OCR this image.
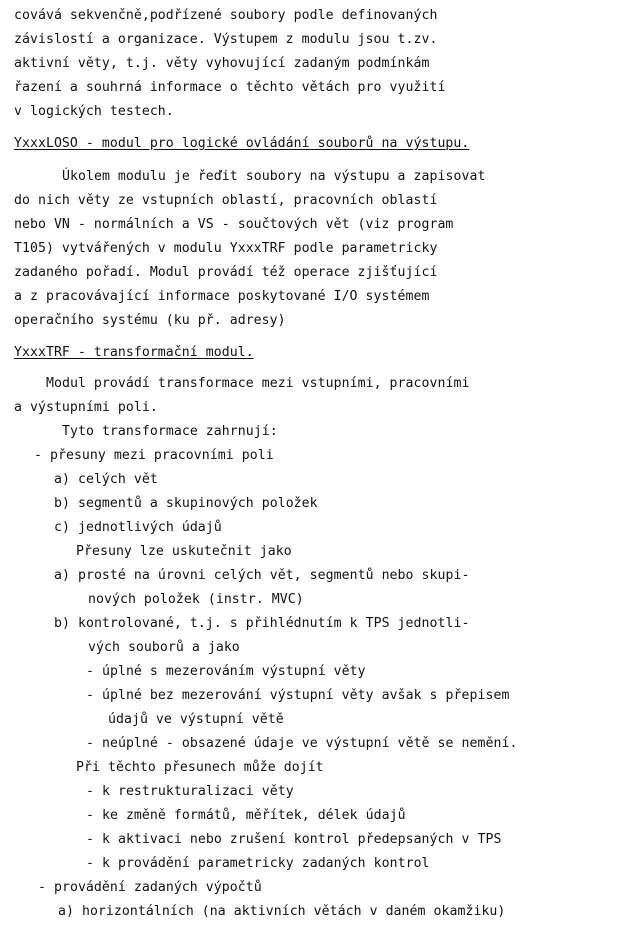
covává sekvenčně,podřízené soubory podle definovaných
závislostí a organizace. Výstupem z modulu jsou t.zv.
aktivní věty, t.j. věty vyhovující zadaným podmínkám
řazení a souhrná informace o těchto větách pro využití
v logických testech.
YxxxLOSO - modul pro logické ovládání souborů na výstupu.
Úkolem modulu je řeďit soubory na výstupu a zapisovat
do nich věty ze vstupních oblastí, pracovních oblastí
nebo VN - normálních a VS - součtových vět (viz program
T105) vytvářených v modulu YxxxTRF podle parametricky
zadaného pořadí. Modul provádí též operace zjišťující
a z pracovávající informace poskytované I/O systémem
operačního systému (ku př. adresy)
YxxxTRF - transformační modul.
Modul provádí transformace mezi vstupními, pracovními
a výstupními poli.
Tyto transformace zahrnují:
- přesuny mezi pracovními poli
a) celých vět
b) segmentů a skupinových položek
c) jednotlivých údajů
Přesuny lze uskutečnit jako
a) prosté na úrovni celých vět, segmentů nebo skupi-
nových položek (instr. MVC)
b) kontrolované, t.j. s přihlédnutím k TPS jednotli-
vých souborů a jako
- úplné s mezerováním výstupní věty
- úplné bez mezerování výstupní věty avšak s přepisem
údajů ve výstupní větě
- neúplné - obsazené údaje ve výstupní větě se nemění.
Při těchto přesunech může dojít
- k restrukturalizaci věty
- ke změně formátů, měřítek, délek údajů
- k aktivaci nebo zrušení kontrol předepsaných v TPS
- k provádění parametricky zadaných kontrol
- provádění zadaných výpočtů
a) horizontálních (na aktivních větách v daném okamžiku)
